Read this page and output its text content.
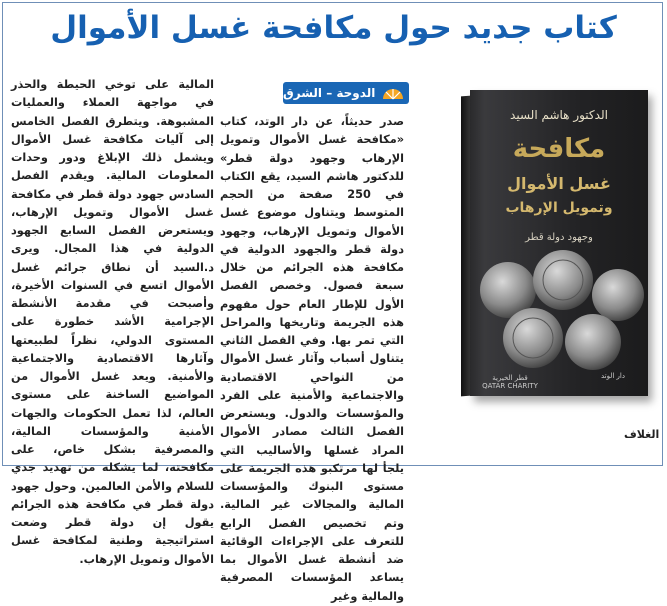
كتاب جديد حول مكافحة غسل الأموال
الدوحة – الشرق
صدر حديثاً، عن دار الوتد، كتاب «مكافحة غسل الأموال وتمويل الإرهاب وجهود دولة قطر» للدكتور هاشم السيد، يقع الكتاب في 250 صفحة من الحجم المتوسط ويتناول موضوع غسل الأموال وتمويل الإرهاب، وجهود دولة قطر والجهود الدولية في مكافحة هذه الجرائم من خلال سبعة فصول. وخصص الفصل الأول للإطار العام حول مفهوم هذه الجريمة وتاريخها والمراحل التي تمر بها. وفي الفصل الثاني يتناول أسباب وآثار غسل الأموال من النواحي الاقتصادية والاجتماعية والأمنية على الفرد والمؤسسات والدول. ويستعرض الفصل الثالث مصادر الأموال المراد غسلها والأساليب التي يلجأ لها مرتكبو هذه الجريمة على مستوى البنوك والمؤسسات المالية والمجالات غير المالية. وتم تخصيص الفصل الرابع للتعرف على الإجراءات الوقائية ضد أنشطة غسل الأموال بما يساعد المؤسسات المصرفية والمالية وغير
المالية على توخي الحيطة والحذر في مواجهة العملاء والعمليات المشبوهة. ويتطرق الفصل الخامس إلى آليات مكافحة غسل الأموال ويشمل ذلك الإبلاغ ودور وحدات المعلومات المالية. ويقدم الفصل السادس جهود دولة قطر في مكافحة غسل الأموال وتمويل الإرهاب، ويستعرض الفصل السابع الجهود الدولية في هذا المجال. ويرى د.السيد أن نطاق جرائم غسل الأموال اتسع في السنوات الأخيرة، وأصبحت في مقدمة الأنشطة الإجرامية الأشد خطورة على المستوى الدولي، نظراً لطبيعتها وآثارها الاقتصادية والاجتماعية والأمنية. ويعد غسل الأموال من المواضيع الساخنة على مستوى العالم، لذا تعمل الحكومات والجهات الأمنية والمؤسسات المالية، والمصرفية بشكل خاص، على مكافحته، لما يشكله من تهديد جدي للسلام والأمن العالمين. وحول جهود دولة قطر في مكافحة هذه الجرائم يقول إن دولة قطر وضعت استراتيجية وطنية لمكافحة غسل الأموال وتمويل الإرهاب.
الدكتور هاشم السيد
مكافحة
غسل الأموال
وتمويل الإرهاب
وجهود دولة قطر
قطر الخيرية QATAR CHARITY
دار الوتد
الغلاف
